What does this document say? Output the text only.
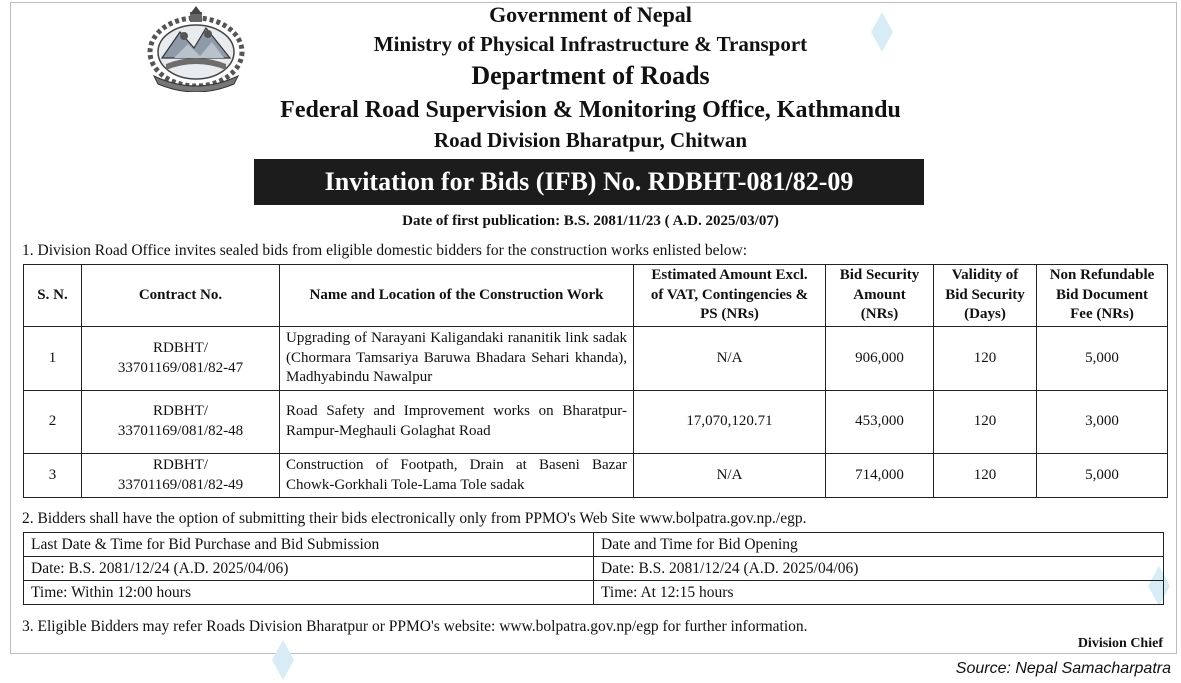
Government of Nepal
Ministry of Physical Infrastructure & Transport
Department of Roads
Federal Road Supervision & Monitoring Office, Kathmandu
Road Division Bharatpur, Chitwan
Invitation for Bids (IFB) No. RDBHT-081/82-09
Date of first publication: B.S. 2081/11/23 ( A.D. 2025/03/07)
1. Division Road Office invites sealed bids from eligible domestic bidders for the construction works enlisted below:
S. N.	Contract No.	Name and Location of the Construction Work	Estimated Amount Excl.
of VAT, Contingencies &
PS (NRs)	Bid Security
Amount
(NRs)	Validity of
Bid Security
(Days)	Non Refundable
Bid Document
Fee (NRs)
1	RDBHT/
33701169/081/82-47	Upgrading of Narayani Kaligandaki rananitik link sadak (Chormara Tamsariya Baruwa Bhadara Sehari khanda), Madhyabindu Nawalpur	N/A	906,000	120	5,000
2	RDBHT/
33701169/081/82-48	Road Safety and Improvement works on Bharatpur-Rampur-Meghauli Golaghat Road	17,070,120.71	453,000	120	3,000
3	RDBHT/
33701169/081/82-49	Construction of Footpath, Drain at Baseni Bazar Chowk-Gorkhali Tole-Lama Tole sadak	N/A	714,000	120	5,000
2. Bidders shall have the option of submitting their bids electronically only from PPMO's Web Site www.bolpatra.gov.np./egp.
Last Date & Time for Bid Purchase and Bid Submission	Date and Time for Bid Opening
Date: B.S. 2081/12/24 (A.D. 2025/04/06)	Date: B.S. 2081/12/24 (A.D. 2025/04/06)
Time: Within 12:00 hours	Time: At 12:15 hours
3. Eligible Bidders may refer Roads Division Bharatpur or PPMO's website: www.bolpatra.gov.np/egp for further information.
Division Chief
Source: Nepal Samacharpatra
